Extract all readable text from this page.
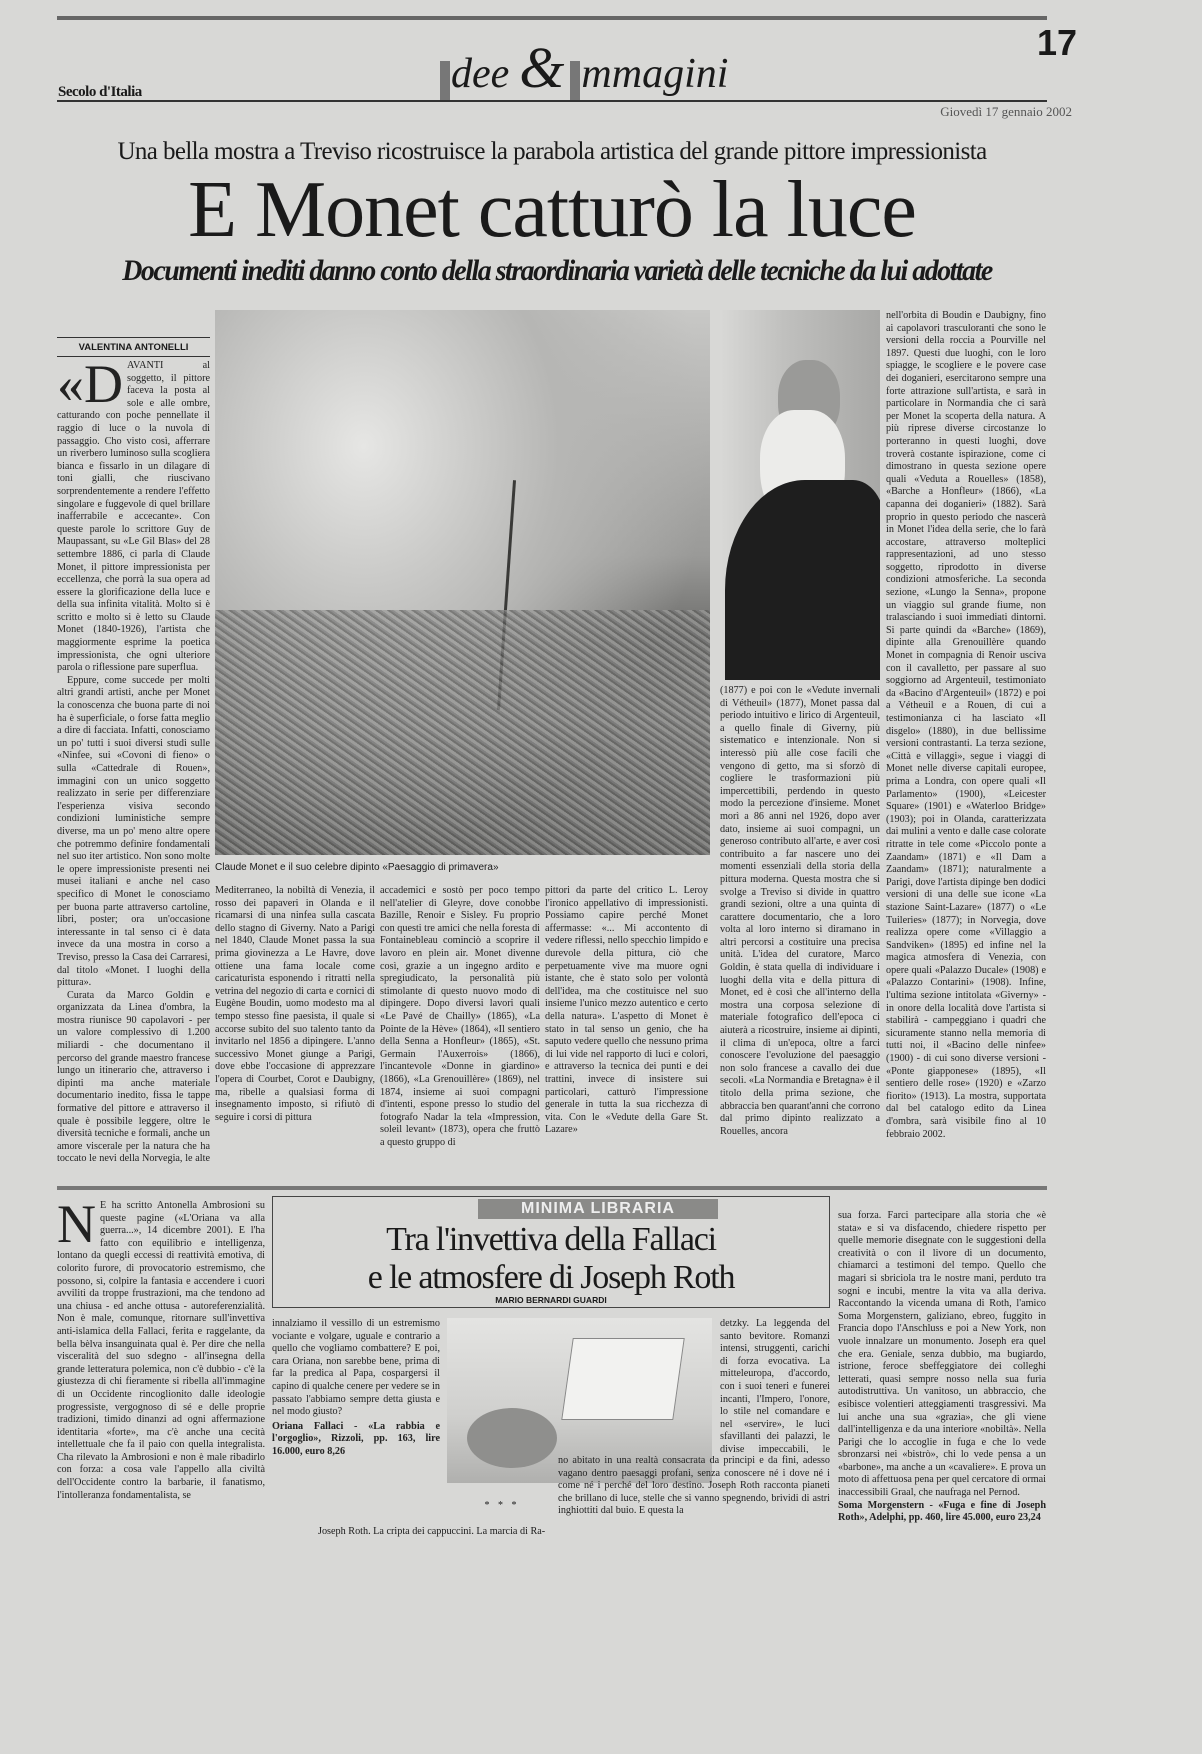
dee & mmagini
17
Secolo d'Italia
Giovedì 17 gennaio 2002
Una bella mostra a Treviso ricostruisce la parabola artistica del grande pittore impressionista
E Monet catturò la luce
Documenti inediti danno conto della straordinaria varietà delle tecniche da lui adottate
VALENTINA ANTONELLI

«DAVANTI al soggetto, il pittore faceva la posta al sole e alle ombre, catturando con poche pennellate il raggio di luce o la nuvola di passaggio. Cho visto così, afferrare un riverbero luminoso sulla scogliera bianca e fissarlo in un dilagare di toni gialli, che riuscivano sorprendentemente a rendere l'effetto singolare e fuggevole di quel brillare inafferrabile e accecante». Con queste parole lo scrittore Guy de Maupassant, su «Le Gil Blas» del 28 settembre 1886, ci parla di Claude Monet, il pittore impressionista per eccellenza, che porrà la sua opera ad essere la glorificazione della luce e della sua infinita vitalità. Molto si è scritto e molto si è letto su Claude Monet (1840-1926), l'artista che maggiormente esprime la poetica impressionista, che ogni ulteriore parola o riflessione pare superflua.

Eppure, come succede per molti altri grandi artisti, anche per Monet la conoscenza che buona parte di noi ha è superficiale, o forse fatta meglio a dire di facciata. Infatti, conosciamo un po' tutti i suoi diversi studi sulle «Ninfee, sui «Covoni di fieno» o sulla «Cattedrale di Rouen», immagini con un unico soggetto realizzato in serie per differenziare l'esperienza visiva secondo condizioni luministiche sempre diverse, ma un po' meno altre opere che potremmo definire fondamentali nel suo iter artistico. Non sono molte le opere impressioniste presenti nei musei italiani e anche nel caso specifico di Monet le conosciamo per buona parte attraverso cartoline, libri, poster; ora un'occasione interessante in tal senso ci è data invece da una mostra in corso a Treviso, presso la Casa dei Carraresi, dal titolo «Monet. I luoghi della pittura».

Curata da Marco Goldin e organizzata da Linea d'ombra, la mostra riunisce 90 capolavori - per un valore complessivo di 1.200 miliardi - che documentano il percorso del grande maestro francese lungo un itinerario che, attraverso i dipinti ma anche materiale documentario inedito, fissa le tappe formative del pittore e attraverso il quale è possibile leggere, oltre le diversità tecniche e formali, anche un amore viscerale per la natura che ha toccato le nevi della Norvegia, le alte

Claude Monet e il suo celebre dipinto «Paesaggio di primavera»

Mediterraneo, la nobiltà di Venezia, il rosso dei papaveri in Olanda e il ricamarsi di una ninfea sulla cascata dello stagno di Giverny. Nato a Parigi nel 1840, Claude Monet passa la sua prima giovinezza a Le Havre, dove ottiene una fama locale come caricaturista esponendo i ritratti nella vetrina del negozio di carta e cornici di Eugène Boudin, uomo modesto ma al tempo stesso fine paesista, il quale si accorse subito del suo talento tanto da invitarlo nel 1856 a dipingere. L'anno successivo Monet giunge a Parigi, dove ebbe l'occasione di apprezzare l'opera di Courbet, Corot e Daubigny, ma, ribelle a qualsiasi forma di insegnamento imposto, si rifiutò di seguire i corsi di pittura

accademici e sostò per poco tempo nell'atelier di Gleyre, dove conobbe Bazille, Renoir e Sisley. Fu proprio con questi tre amici che nella foresta di Fontainebleau cominciò a scoprire il lavoro en plein air. Monet divenne così, grazie a un ingegno ardito e spregiudicato, la personalità più stimolante di questo nuovo modo di dipingere. Dopo diversi lavori quali «Le Pavé de Chailly» (1865), «La Pointe de la Hève» (1864), «Il sentiero della Senna a Honfleur» (1865), «St. Germain l'Auxerrois» (1866), l'incantevole «Donne in giardino» (1866), «La Grenouillère» (1869), nel 1874, insieme ai suoi compagni d'intenti, espone presso lo studio del fotografo Nadar la tela «Impression, soleil levant» (1873), opera che fruttò a questo gruppo di

pittori da parte del critico L. Leroy l'ironico appellativo di impressionisti. Possiamo capire perché Monet affermasse: «... Mi accontento di vedere riflessi, nello specchio limpido e durevole della pittura, ciò che perpetuamente vive ma muore ogni istante, che è stato solo per volontà dell'idea, ma che costituisce nel suo insieme l'unico mezzo autentico e certo della natura». L'aspetto di Monet è stato in tal senso un genio, che ha saputo vedere quello che nessuno prima di lui vide nel rapporto di luci e colori, e attraverso la tecnica dei punti e dei trattini, invece di insistere sui particolari, catturò l'impressione generale in tutta la sua ricchezza di vita. Con le «Vedute della Gare St. Lazare»

(1877) e poi con le «Vedute invernali di Vétheuil» (1877), Monet passa dal periodo intuitivo e lirico di Argenteuil, a quello finale di Giverny, più sistematico e intenzionale. Non si interessò più alle cose facili che vengono di getto, ma si sforzò di cogliere le trasformazioni più impercettibili, perdendo in questo modo la percezione d'insieme. Monet morì a 86 anni nel 1926, dopo aver dato, insieme ai suoi compagni, un generoso contributo all'arte, e aver così contribuito a far nascere uno dei momenti essenziali della storia della pittura moderna. Questa mostra che si svolge a Treviso si divide in quattro grandi sezioni, oltre a una quinta di carattere documentario, che a loro volta al loro interno si diramano in altri percorsi a costituire una precisa unità. L'idea del curatore, Marco Goldin, è stata quella di individuare i luoghi della vita e della pittura di Monet, ed è così che all'interno della mostra una corposa selezione di materiale fotografico dell'epoca ci aiuterà a ricostruire, insieme ai dipinti, il clima di un'epoca, oltre a farci conoscere l'evoluzione del paesaggio non solo francese a cavallo dei due secoli. «La Normandia e Bretagna» è il titolo della prima sezione, che abbraccia ben quarant'anni che corrono dal primo dipinto realizzato a Rouelles, ancora

nell'orbita di Boudin e Daubigny, fino ai capolavori trasculoranti che sono le versioni della roccia a Pourville nel 1897. Questi due luoghi, con le loro spiagge, le scogliere e le povere case dei doganieri, esercitarono sempre una forte attrazione sull'artista, e sarà in particolare in Normandia che ci sarà per Monet la scoperta della natura. A più riprese diverse circostanze lo porteranno in questi luoghi, dove troverà costante ispirazione, come ci dimostrano in questa sezione opere quali «Veduta a Rouelles» (1858), «Barche a Honfleur» (1866), «La capanna dei doganieri» (1882). Sarà proprio in questo periodo che nascerà in Monet l'idea della serie, che lo farà accostare, attraverso molteplici rappresentazioni, ad uno stesso soggetto, riprodotto in diverse condizioni atmosferiche. La seconda sezione, «Lungo la Senna», propone un viaggio sul grande fiume, non tralasciando i suoi immediati dintorni. Si parte quindi da «Barche» (1869), dipinte alla Grenouillère quando Monet in compagnia di Renoir usciva con il cavalletto, per passare al suo soggiorno ad Argenteuil, testimoniato da «Bacino d'Argenteuil» (1872) e poi a Vétheuil e a Rouen, di cui a testimonianza ci ha lasciato «Il disgelo» (1880), in due bellissime versioni contrastanti. La terza sezione, «Città e villaggi», segue i viaggi di Monet nelle diverse capitali europee, prima a Londra, con opere quali «Il Parlamento» (1900), «Leicester Square» (1901) e «Waterloo Bridge» (1903); poi in Olanda, caratterizzata dai mulini a vento e dalle case colorate ritratte in tele come «Piccolo ponte a Zaandam» (1871) e «Il Dam a Zaandam» (1871); naturalmente a Parigi, dove l'artista dipinge ben dodici versioni di una delle sue icone «La stazione Saint-Lazare» (1877) o «Le Tuileries» (1877); in Norvegia, dove realizza opere come «Villaggio a Sandviken» (1895) ed infine nel la magica atmosfera di Venezia, con opere quali «Palazzo Ducale» (1908) e «Palazzo Contarini» (1908). Infine, l'ultima sezione intitolata «Giverny» - in onore della località dove l'artista si stabilirà - campeggiano i quadri che sicuramente stanno nella memoria di tutti noi, il «Bacino delle ninfee» (1900) - di cui sono diverse versioni - «Ponte giapponese» (1895), «Il sentiero delle rose» (1920) e «Zarzo fiorito» (1913). La mostra, supportata dal bel catalogo edito da Linea d'ombra, sarà visibile fino al 10 febbraio 2002.

N E ha scritto Antonella Ambrosioni su queste pagine («L'Oriana va alla guerra...», 14 dicembre 2001). E l'ha fatto con equilibrio e intelligenza, lontano da quegli eccessi di reattività emotiva, di colorito furore, di provocatorio estremismo, che possono, sì, colpire la fantasia e accendere i cuori avviliti da troppe frustrazioni, ma che tendono ad una chiusa - ed anche ottusa - autoreferenzialità. Non è male, comunque, ritornare sull'invettiva anti-islamica della Fallaci, ferita e raggelante, da bella bèlva insanguinata qual è. Per dire che nella visceralità del suo sdegno - all'insegna della grande letteratura polemica, non c'è dubbio - c'è la giustezza di chi fieramente si ribella all'immagine di un Occidente rincoglionito dalle ideologie progressiste, vergognoso di sé e delle proprie tradizioni, timido dinanzi ad ogni affermazione identitaria «forte», ma c'è anche una cecità intellettuale che fa il paio con quella integralista. Cha rilevato la Ambrosioni e non è male ribadirlo con forza: a cosa vale l'appello alla civiltà dell'Occidente contro la barbarie, il fanatismo, l'intolleranza fondamentalista, se

MINIMA LIBRARIA
Tra l'invettiva della Fallaci
e le atmosfere di Joseph Roth
MARIO BERNARDI GUARDI

innalziamo il vessillo di un estremismo vociante e volgare, uguale e contrario a quello che vogliamo combattere? E poi, cara Oriana, non sarebbe bene, prima di far la predica al Papa, cospargersi il capino di qualche cenere per vedere se in passato l'abbiamo sempre detta giusta e nel modo giusto?

Oriana Fallaci - «La rabbia e l'orgoglio», Rizzoli, pp. 163, lire 16.000, euro 8,26

* * *
Joseph Roth. La cripta dei cappuccini. La marcia di Ra-

detzky. La leggenda del santo bevitore. Romanzi intensi, struggenti, carichi di forza evocativa. La mitteleuropa, d'accordo, con i suoi teneri e funerei incanti, l'Impero, l'onore, lo stile nel comandare e nel «servire», le luci sfavillanti dei palazzi, le divise impeccabili, le

no abitato in una realtà consacrata da principi e da fini, adesso vagano dentro paesaggi profani, senza conoscere né i dove né i come né i perché del loro destino. Joseph Roth racconta pianeti che brillano di luce, stelle che si vanno spegnendo, brividi di astri inghiottiti dal buio. E questa la

sua forza. Farci partecipare alla storia che «è stata» e si va disfacendo, chiedere rispetto per quelle memorie disegnate con le suggestioni della creatività o con il livore di un documento, chiamarci a testimoni del tempo. Quello che magari si sbriciola tra le nostre mani, perduto tra sogni e incubi, mentre la vita va alla deriva. Raccontando la vicenda umana di Roth, l'amico Soma Morgenstern, galiziano, ebreo, fuggito in Francia dopo l'Anschluss e poi a New York, non vuole innalzare un monumento. Joseph era quel che era. Geniale, senza dubbio, ma bugiardo, istrione, feroce sbeffeggiatore dei colleghi letterati, quasi sempre nosso nella sua furia autodistruttiva. Un vanitoso, un abbraccio, che esibisce volentieri atteggiamenti trasgressivi. Ma lui anche una sua «grazia», che gli viene dall'intelligenza e da una interiore «nobiltà». Nella Parigi che lo accoglie in fuga e che lo vede sbronzarsi nei «bistrò», chi lo vede pensa a un «barbone», ma anche a un «cavaliere». E prova un moto di affettuosa pena per quel cercatore di ormai inaccessibili Graal, che naufraga nel Pernod.

Soma Morgenstern - «Fuga e fine di Joseph Roth», Adelphi, pp. 460, lire 45.000, euro 23,24
